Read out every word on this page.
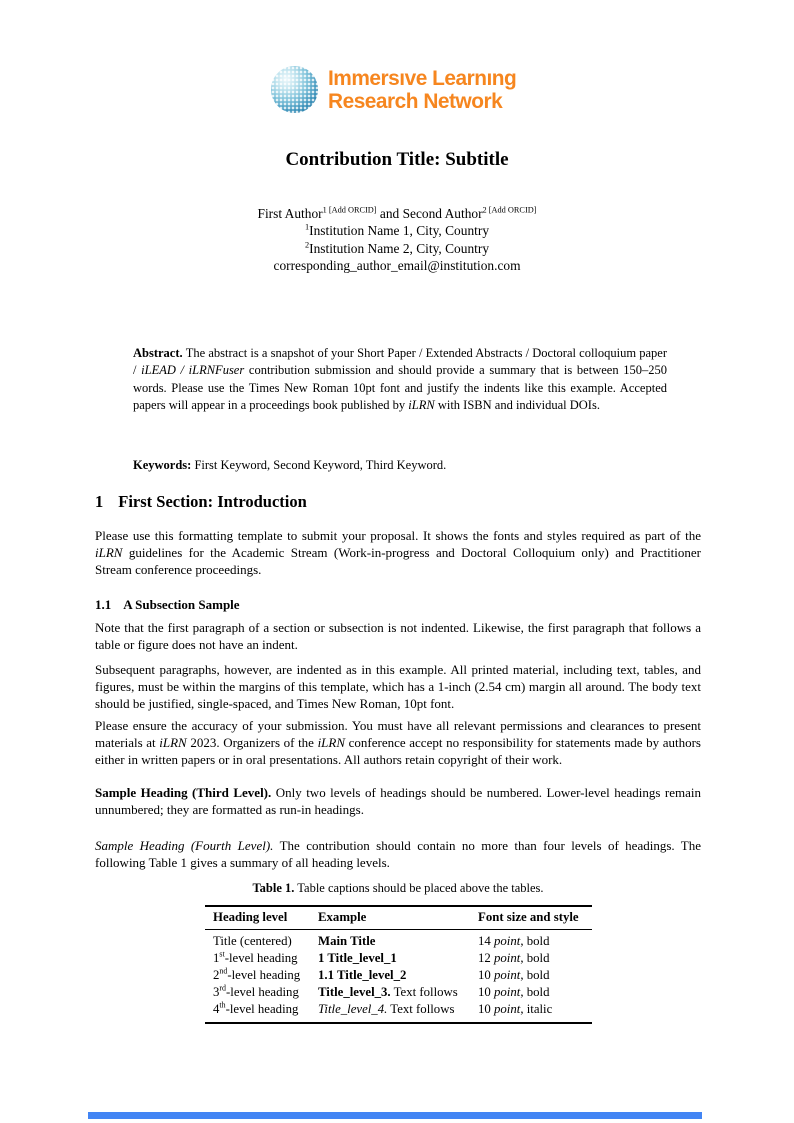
Immersıve Learnıng
Research Network
Contribution Title: Subtitle
First Author$^{1 [Add ORCID]}$ and Second Author$^{2 [Add ORCID]}$
$^1$Institution Name 1, City, Country
$^2$Institution Name 2, City, Country
corresponding_author_email@institution.com
Abstract. The abstract is a snapshot of your Short Paper / Extended Abstracts / Doctoral colloquium paper / iLEAD / iLRNFuser contribution submission and should provide a summary that is between 150–250 words. Please use the Times New Roman 10pt font and justify the indents like this example. Accepted papers will appear in a proceedings book published by iLRN with ISBN and individual DOIs.
Keywords: First Keyword, Second Keyword, Third Keyword.
1 First Section: Introduction
Please use this formatting template to submit your proposal. It shows the fonts and styles required as part of the iLRN guidelines for the Academic Stream (Work-in-progress and Doctoral Colloquium only) and Practitioner Stream conference proceedings.
1.1 A Subsection Sample
Note that the first paragraph of a section or subsection is not indented. Likewise, the first paragraph that follows a table or figure does not have an indent.
Subsequent paragraphs, however, are indented as in this example. All printed material, including text, tables, and figures, must be within the margins of this template, which has a 1-inch (2.54 cm) margin all around. The body text should be justified, single-spaced, and Times New Roman, 10pt font.
Please ensure the accuracy of your submission. You must have all relevant permissions and clearances to present materials at iLRN 2023. Organizers of the iLRN conference accept no responsibility for statements made by authors either in written papers or in oral presentations. All authors retain copyright of their work.
Sample Heading (Third Level). Only two levels of headings should be numbered. Lower-level headings remain unnumbered; they are formatted as run-in headings.
Sample Heading (Fourth Level). The contribution should contain no more than four levels of headings. The following Table 1 gives a summary of all heading levels.
Table 1. Table captions should be placed above the tables.
Heading level	Example	Font size and style
Title (centered)	Main Title	14 point, bold
1st-level heading	1 Title_level_1	12 point, bold
2nd-level heading	1.1 Title_level_2	10 point, bold
3rd-level heading	Title_level_3. Text follows	10 point, bold
4th-level heading	Title_level_4. Text follows	10 point, italic
